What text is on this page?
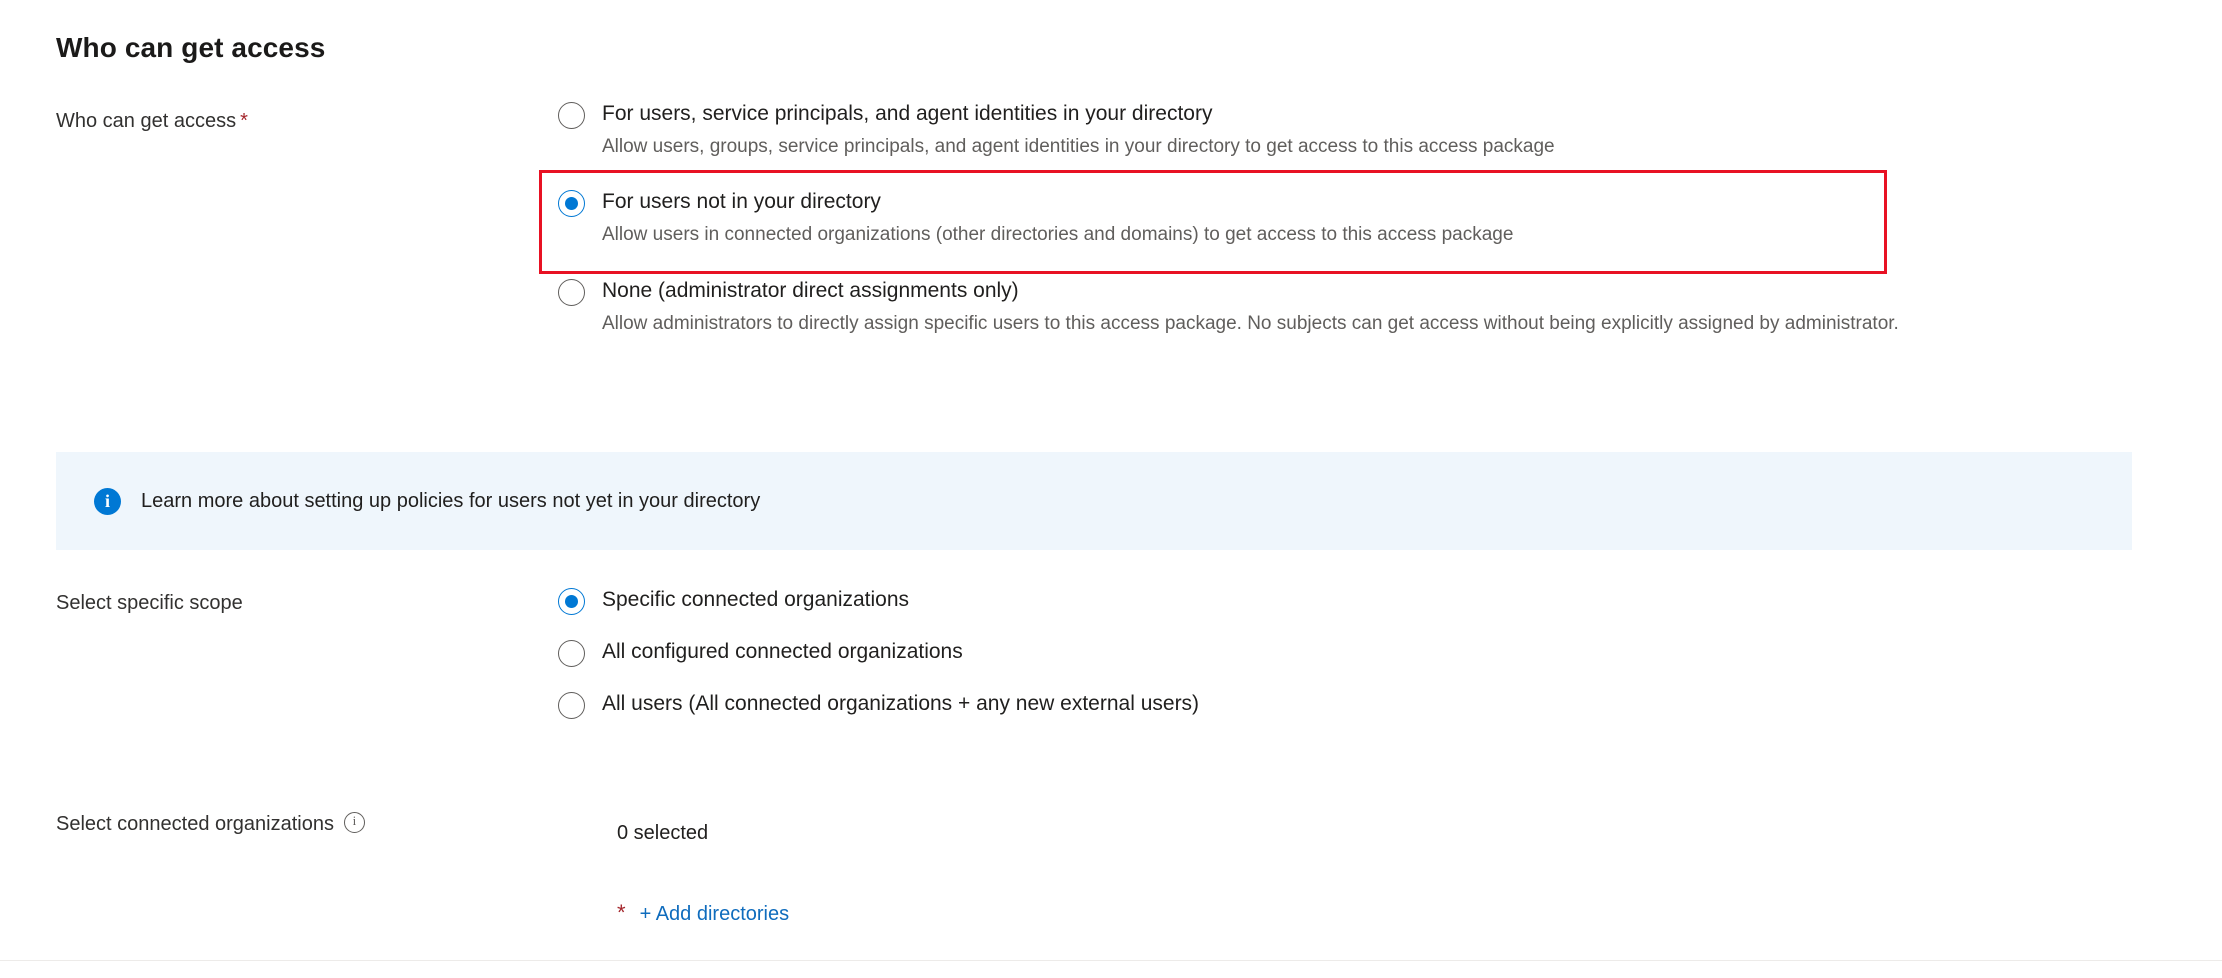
Who can get access
Who can get access *	For users, service principals, and agent identities in your directory
Allow users, groups, service principals, and agent identities in your directory to get access to this access package
For users not in your directory
Allow users in connected organizations (other directories and domains) to get access to this access package
None (administrator direct assignments only)
Allow administrators to directly assign specific users to this access package. No subjects can get access without being explicitly assigned by administrator.
i
Learn more about setting up policies for users not yet in your directory
Select specific scope	Specific connected organizations
All configured connected organizations
All users (All connected organizations + any new external users)
Select connected organizations i	0 selected
* + Add directories
